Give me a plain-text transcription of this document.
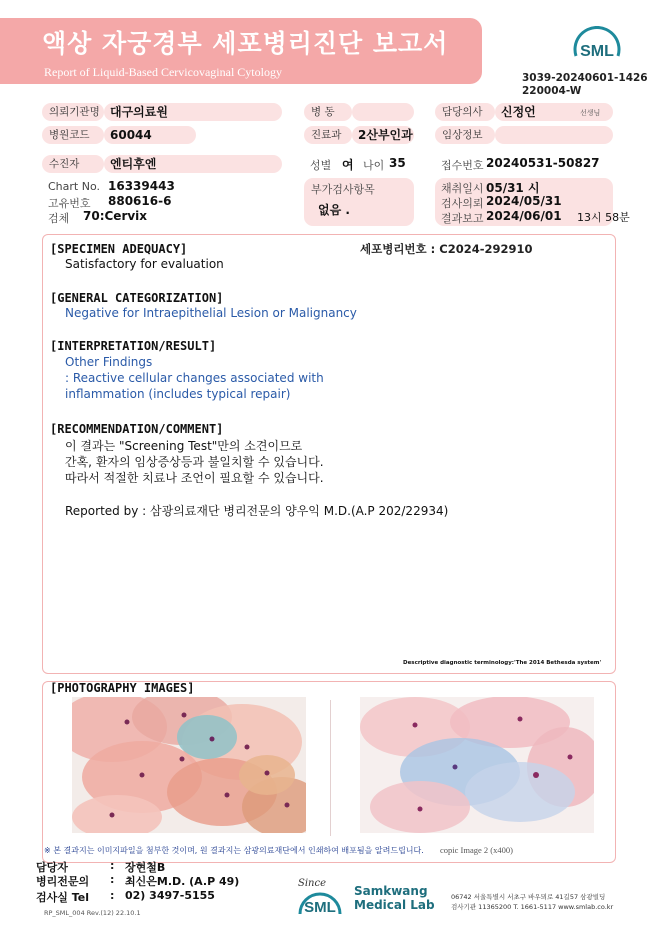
액상 자궁경부 세포병리진단 보고서
Report of Liquid-Based Cervicovaginal Cytology
SML
3039-20240601-1426
220004-W
의뢰기관명 대구의료원
병원코드	60044
수진자	엔티후엔
Chart No. 16339443
고유번호 880616-6
검체 70:Cervix
병 동
진료과	2산부인과
성별 여 나이 35
부가검사항목
없음 .
담당의사	신정언	선생님
임상정보
접수번호 20240531-50827
채취일시 05/31 시
검사의뢰 2024/05/31
결과보고 2024/06/01 13시 58분
[SPECIMEN ADEQUACY]	세포병리번호 : C2024-292910
Satisfactory for evaluation
[GENERAL CATEGORIZATION]
Negative for Intraepithelial Lesion or Malignancy
[INTERPRETATION/RESULT]
Other Findings
: Reactive cellular changes associated with
inflammation (includes typical repair)
[RECOMMENDATION/COMMENT]
이 결과는 "Screening Test"만의 소견이므로
간혹, 환자의 임상증상등과 불일치할 수 있습니다.
따라서 적절한 치료나 조언이 필요할 수 있습니다.
Reported by : 삼광의료재단 병리전문의 양우익 M.D.(A.P 202/22934)
Descriptive diagnostic terminology:'The 2014 Bethesda system'
[PHOTOGRAPHY IMAGES]
※ 본 결과지는 이미지파일을 첨부한 것이며, 원 결과지는 삼광의료재단에서 인쇄하여 배포됨을 알려드립니다. copic Image 2 (x400)
담당자	: 장현철B
병리전문의 : 최신은M.D. (A.P 49)
검사실 Tel : 02) 3497-5155
RP_SML_004 Rev.(12) 22.10.1
Since
SML
Samkwang
Medical Lab
06742 서울특별시 서초구 바우뫼로 41길57 삼광빌딩
검사기관 11365200 T. 1661-5117 www.smlab.co.kr
